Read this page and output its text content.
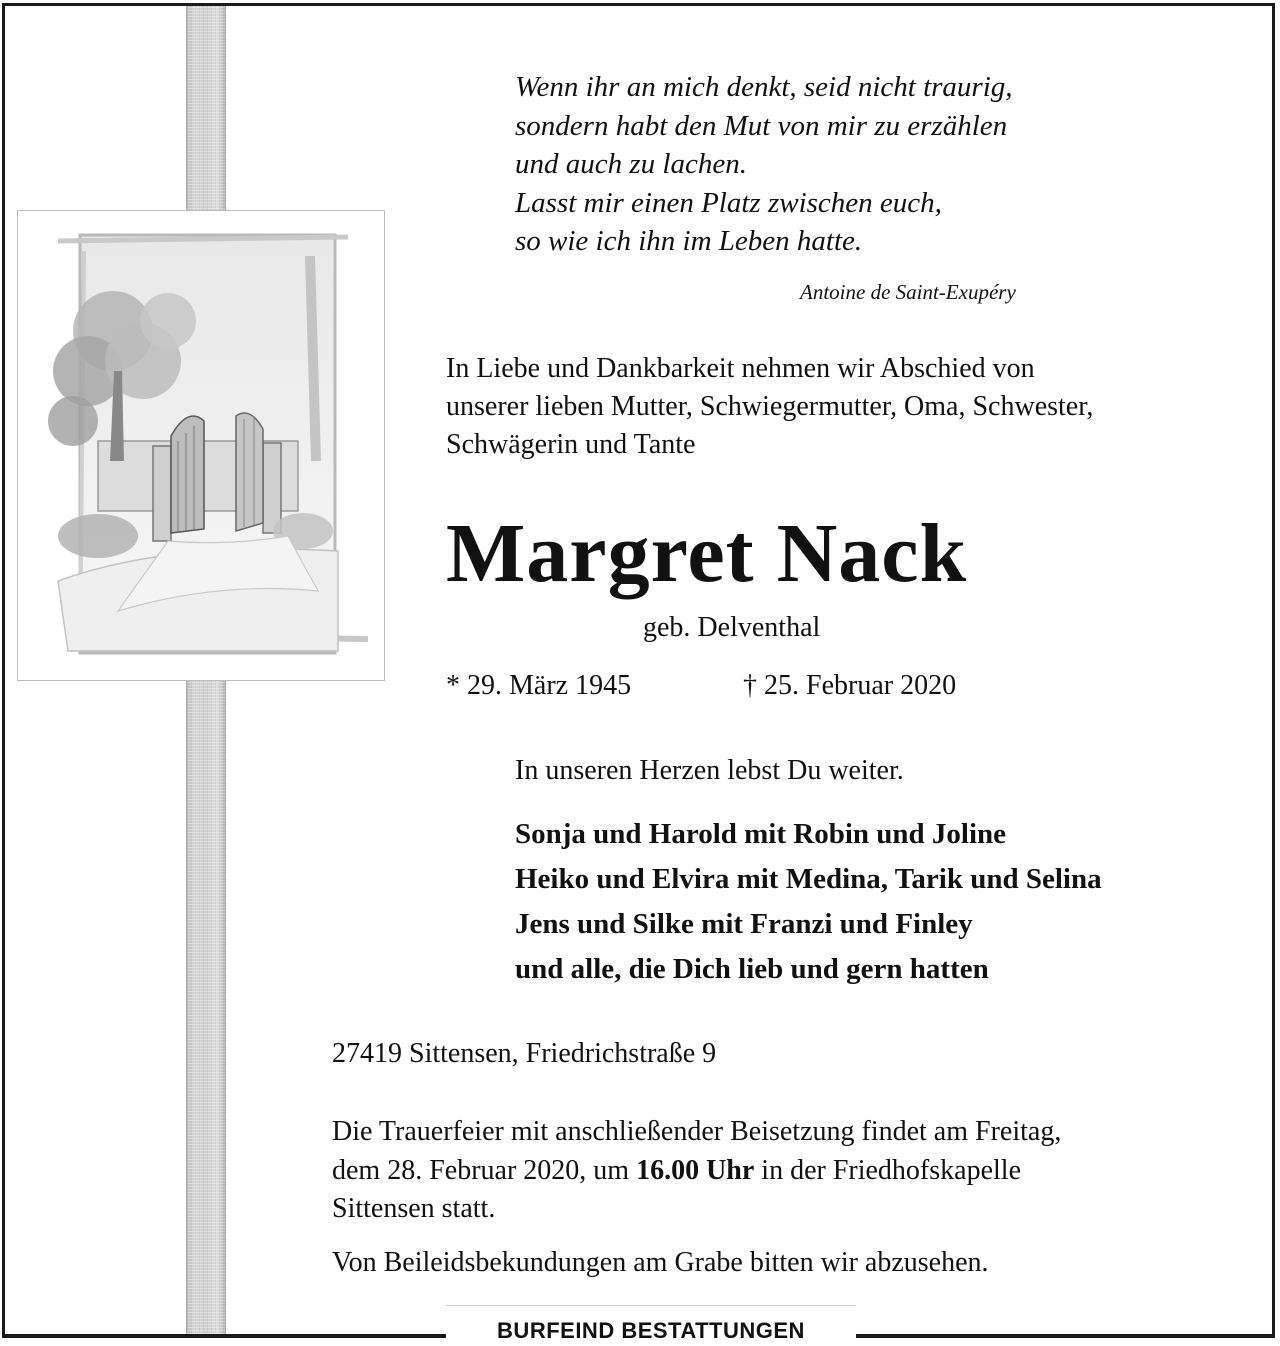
Wenn ihr an mich denkt, seid nicht traurig,
sondern habt den Mut von mir zu erzählen
und auch zu lachen.
Lasst mir einen Platz zwischen euch,
so wie ich ihn im Leben hatte.
Antoine de Saint-Exupéry
In Liebe und Dankbarkeit nehmen wir Abschied von
unserer lieben Mutter, Schwiegermutter, Oma, Schwester,
Schwägerin und Tante
Margret Nack
geb. Delventhal
* 29. März 1945	† 25. Februar 2020
In unseren Herzen lebst Du weiter.
Sonja und Harold mit Robin und Joline
Heiko und Elvira mit Medina, Tarik und Selina
Jens und Silke mit Franzi und Finley
und alle, die Dich lieb und gern hatten
27419 Sittensen, Friedrichstraße 9
Die Trauerfeier mit anschließender Beisetzung findet am Freitag,
dem 28. Februar 2020, um 16.00 Uhr in der Friedhofskapelle
Sittensen statt.
Von Beileidsbekundungen am Grabe bitten wir abzusehen.
BURFEIND BESTATTUNGEN
